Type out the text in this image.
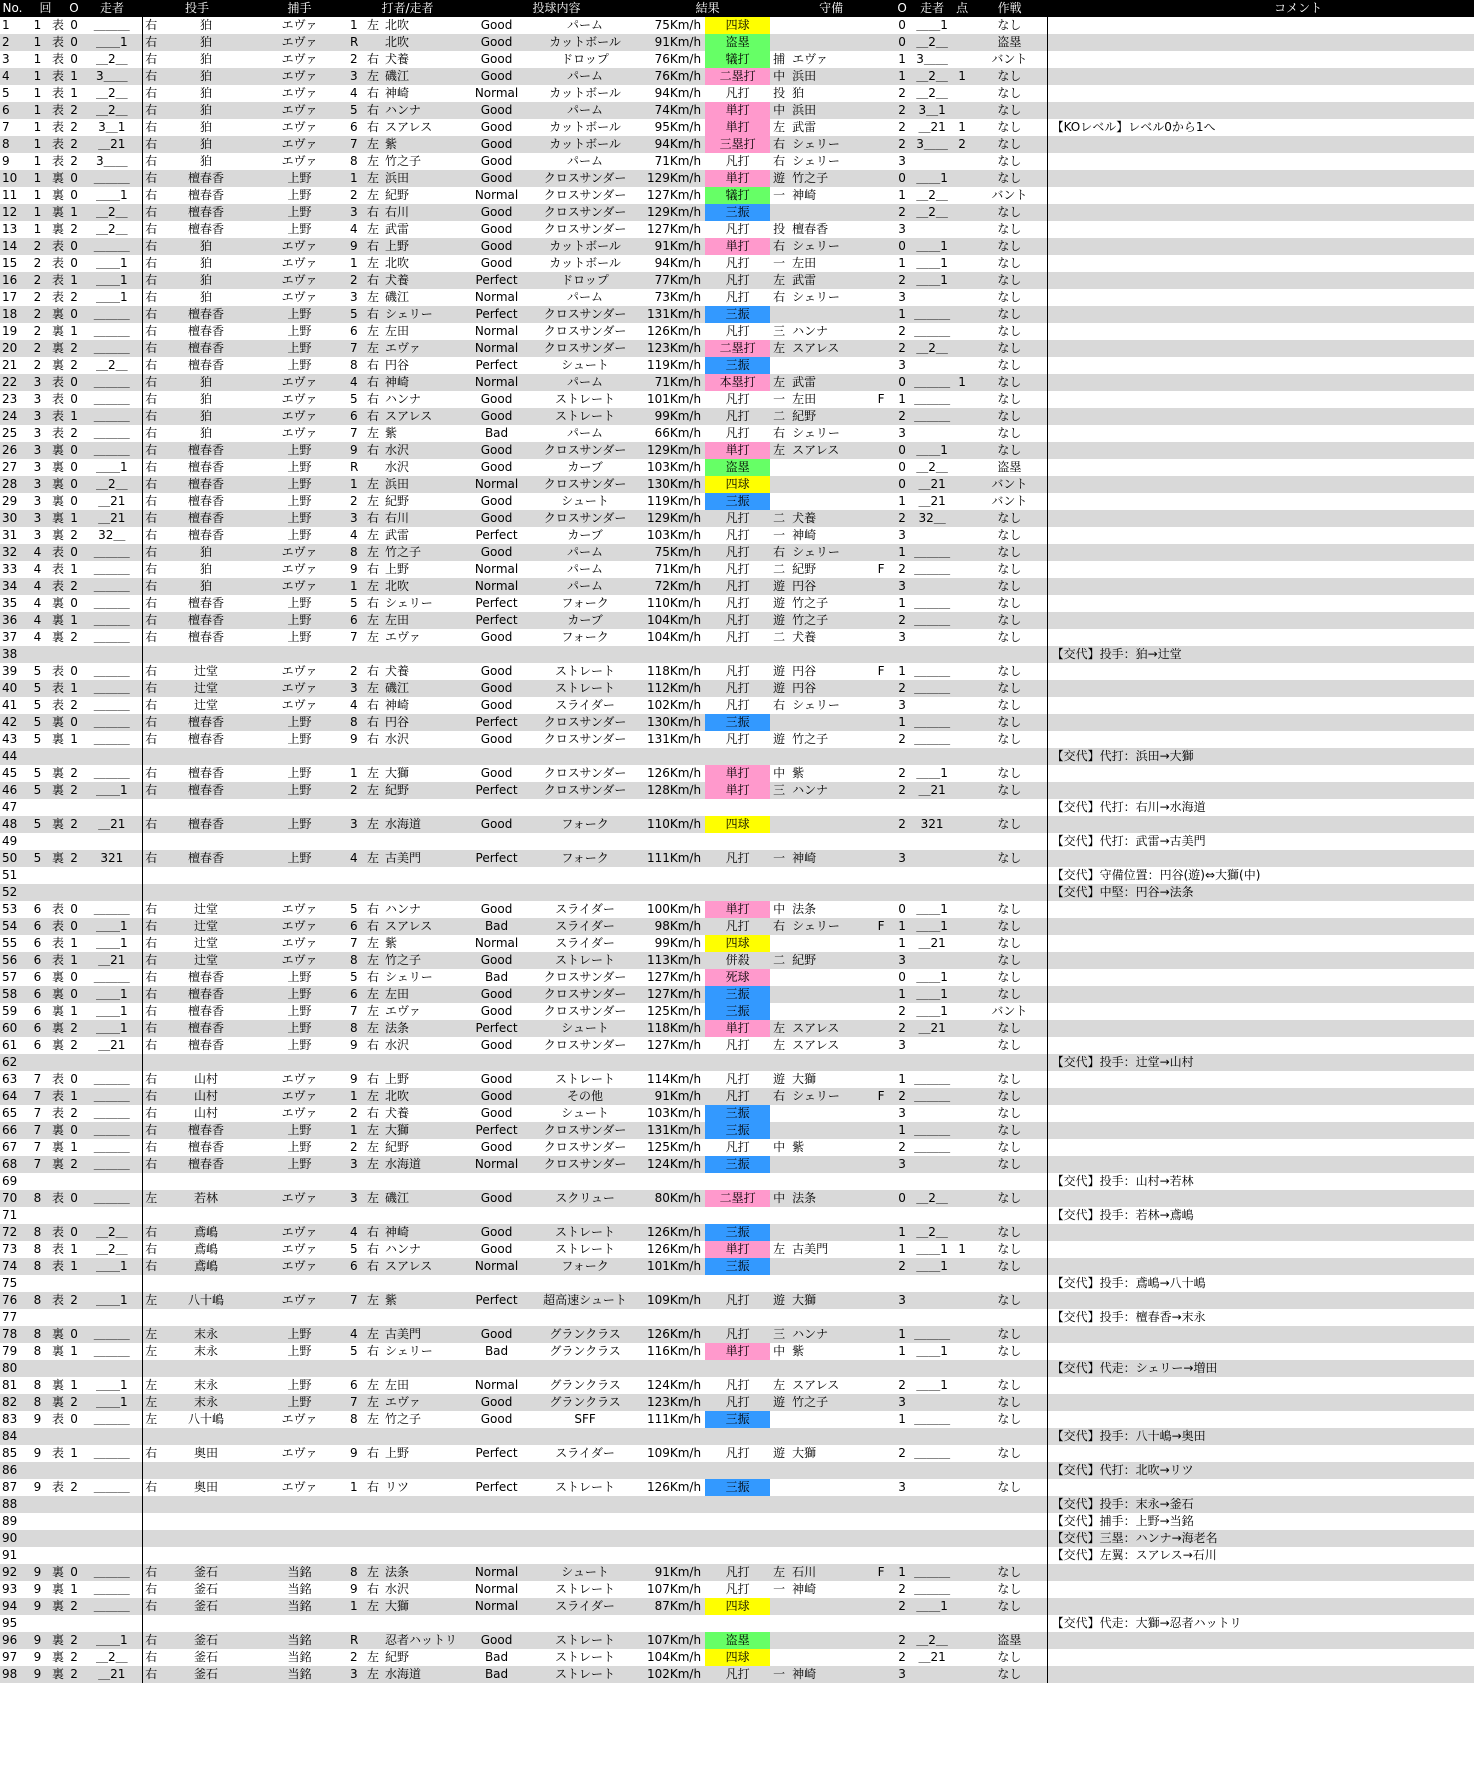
No.	回		O	走者	投手		捕手	打者/走者			投球内容		結果		守備			O	走者	点	作戦	コメント
1	1	表	0	＿＿＿	右	狛	エヴァ	1	左	北吹	Good	パーム	75Km/h	四球				0	＿＿1		なし	
2	1	表	0	＿＿1	右	狛	エヴァ	R		北吹	Good	カットボール	91Km/h	盗塁				0	＿2＿		盗塁	
3	1	表	0	＿2＿	右	狛	エヴァ	2	右	犬養	Good	ドロップ	76Km/h	犠打	捕	エヴァ		1	3＿＿		バント	
4	1	表	1	3＿＿	右	狛	エヴァ	3	左	磯江	Good	パーム	76Km/h	二塁打	中	浜田		1	＿2＿	1	なし	
5	1	表	1	＿2＿	右	狛	エヴァ	4	右	神崎	Normal	カットボール	94Km/h	凡打	投	狛		2	＿2＿		なし	
6	1	表	2	＿2＿	右	狛	エヴァ	5	右	ハンナ	Good	パーム	74Km/h	単打	中	浜田		2	3＿1		なし	
7	1	表	2	3＿1	右	狛	エヴァ	6	右	スアレス	Good	カットボール	95Km/h	単打	左	武雷		2	＿21	1	なし	【KOレベル】レベル0から1へ
8	1	表	2	＿21	右	狛	エヴァ	7	左	紫	Good	カットボール	94Km/h	三塁打	右	シェリー		2	3＿＿	2	なし	
9	1	表	2	3＿＿	右	狛	エヴァ	8	左	竹之子	Good	パーム	71Km/h	凡打	右	シェリー		3			なし	
10	1	裏	0	＿＿＿	右	檀春香	上野	1	左	浜田	Good	クロスサンダー	129Km/h	単打	遊	竹之子		0	＿＿1		なし	
11	1	裏	0	＿＿1	右	檀春香	上野	2	左	紀野	Normal	クロスサンダー	127Km/h	犠打	一	神崎		1	＿2＿		バント	
12	1	裏	1	＿2＿	右	檀春香	上野	3	右	右川	Good	クロスサンダー	129Km/h	三振				2	＿2＿		なし	
13	1	裏	2	＿2＿	右	檀春香	上野	4	左	武雷	Good	クロスサンダー	127Km/h	凡打	投	檀春香		3			なし	
14	2	表	0	＿＿＿	右	狛	エヴァ	9	右	上野	Good	カットボール	91Km/h	単打	右	シェリー		0	＿＿1		なし	
15	2	表	0	＿＿1	右	狛	エヴァ	1	左	北吹	Good	カットボール	94Km/h	凡打	一	左田		1	＿＿1		なし	
16	2	表	1	＿＿1	右	狛	エヴァ	2	右	犬養	Perfect	ドロップ	77Km/h	凡打	左	武雷		2	＿＿1		なし	
17	2	表	2	＿＿1	右	狛	エヴァ	3	左	磯江	Normal	パーム	73Km/h	凡打	右	シェリー		3			なし	
18	2	裏	0	＿＿＿	右	檀春香	上野	5	右	シェリー	Perfect	クロスサンダー	131Km/h	三振				1	＿＿＿		なし	
19	2	裏	1	＿＿＿	右	檀春香	上野	6	左	左田	Normal	クロスサンダー	126Km/h	凡打	三	ハンナ		2	＿＿＿		なし	
20	2	裏	2	＿＿＿	右	檀春香	上野	7	左	エヴァ	Normal	クロスサンダー	123Km/h	二塁打	左	スアレス		2	＿2＿		なし	
21	2	裏	2	＿2＿	右	檀春香	上野	8	右	円谷	Perfect	シュート	119Km/h	三振				3			なし	
22	3	表	0	＿＿＿	右	狛	エヴァ	4	右	神崎	Normal	パーム	71Km/h	本塁打	左	武雷		0	＿＿＿	1	なし	
23	3	表	0	＿＿＿	右	狛	エヴァ	5	右	ハンナ	Good	ストレート	101Km/h	凡打	一	左田	F	1	＿＿＿		なし	
24	3	表	1	＿＿＿	右	狛	エヴァ	6	右	スアレス	Good	ストレート	99Km/h	凡打	二	紀野		2	＿＿＿		なし	
25	3	表	2	＿＿＿	右	狛	エヴァ	7	左	紫	Bad	パーム	66Km/h	凡打	右	シェリー		3			なし	
26	3	裏	0	＿＿＿	右	檀春香	上野	9	右	水沢	Good	クロスサンダー	129Km/h	単打	左	スアレス		0	＿＿1		なし	
27	3	裏	0	＿＿1	右	檀春香	上野	R		水沢	Good	カーブ	103Km/h	盗塁				0	＿2＿		盗塁	
28	3	裏	0	＿2＿	右	檀春香	上野	1	左	浜田	Normal	クロスサンダー	130Km/h	四球				0	＿21		バント	
29	3	裏	0	＿21	右	檀春香	上野	2	左	紀野	Good	シュート	119Km/h	三振				1	＿21		バント	
30	3	裏	1	＿21	右	檀春香	上野	3	右	右川	Good	クロスサンダー	129Km/h	凡打	二	犬養		2	32＿		なし	
31	3	裏	2	32＿	右	檀春香	上野	4	左	武雷	Perfect	カーブ	103Km/h	凡打	一	神崎		3			なし	
32	4	表	0	＿＿＿	右	狛	エヴァ	8	左	竹之子	Good	パーム	75Km/h	凡打	右	シェリー		1	＿＿＿		なし	
33	4	表	1	＿＿＿	右	狛	エヴァ	9	右	上野	Normal	パーム	71Km/h	凡打	二	紀野	F	2	＿＿＿		なし	
34	4	表	2	＿＿＿	右	狛	エヴァ	1	左	北吹	Normal	パーム	72Km/h	凡打	遊	円谷		3			なし	
35	4	裏	0	＿＿＿	右	檀春香	上野	5	右	シェリー	Perfect	フォーク	110Km/h	凡打	遊	竹之子		1	＿＿＿		なし	
36	4	裏	1	＿＿＿	右	檀春香	上野	6	左	左田	Perfect	カーブ	104Km/h	凡打	遊	竹之子		2	＿＿＿		なし	
37	4	裏	2	＿＿＿	右	檀春香	上野	7	左	エヴァ	Good	フォーク	104Km/h	凡打	二	犬養		3			なし	
38																						【交代】投手：狛→辻堂
39	5	表	0	＿＿＿	右	辻堂	エヴァ	2	右	犬養	Good	ストレート	118Km/h	凡打	遊	円谷	F	1	＿＿＿		なし	
40	5	表	1	＿＿＿	右	辻堂	エヴァ	3	左	磯江	Good	ストレート	112Km/h	凡打	遊	円谷		2	＿＿＿		なし	
41	5	表	2	＿＿＿	右	辻堂	エヴァ	4	右	神崎	Good	スライダー	102Km/h	凡打	右	シェリー		3			なし	
42	5	裏	0	＿＿＿	右	檀春香	上野	8	右	円谷	Perfect	クロスサンダー	130Km/h	三振				1	＿＿＿		なし	
43	5	裏	1	＿＿＿	右	檀春香	上野	9	右	水沢	Good	クロスサンダー	131Km/h	凡打	遊	竹之子		2	＿＿＿		なし	
44																						【交代】代打：浜田→大獅
45	5	裏	2	＿＿＿	右	檀春香	上野	1	左	大獅	Good	クロスサンダー	126Km/h	単打	中	紫		2	＿＿1		なし	
46	5	裏	2	＿＿1	右	檀春香	上野	2	左	紀野	Perfect	クロスサンダー	128Km/h	単打	三	ハンナ		2	＿21		なし	
47																						【交代】代打：右川→水海道
48	5	裏	2	＿21	右	檀春香	上野	3	左	水海道	Good	フォーク	110Km/h	四球				2	321		なし	
49																						【交代】代打：武雷→古美門
50	5	裏	2	321	右	檀春香	上野	4	左	古美門	Perfect	フォーク	111Km/h	凡打	一	神崎		3			なし	
51																						【交代】守備位置：円谷(遊)⇔大獅(中)
52																						【交代】中堅：円谷→法条
53	6	表	0	＿＿＿	右	辻堂	エヴァ	5	右	ハンナ	Good	スライダー	100Km/h	単打	中	法条		0	＿＿1		なし	
54	6	表	0	＿＿1	右	辻堂	エヴァ	6	右	スアレス	Bad	スライダー	98Km/h	凡打	右	シェリー	F	1	＿＿1		なし	
55	6	表	1	＿＿1	右	辻堂	エヴァ	7	左	紫	Normal	スライダー	99Km/h	四球				1	＿21		なし	
56	6	表	1	＿21	右	辻堂	エヴァ	8	左	竹之子	Good	ストレート	113Km/h	併殺	二	紀野		3			なし	
57	6	裏	0	＿＿＿	右	檀春香	上野	5	右	シェリー	Bad	クロスサンダー	127Km/h	死球				0	＿＿1		なし	
58	6	裏	0	＿＿1	右	檀春香	上野	6	左	左田	Good	クロスサンダー	127Km/h	三振				1	＿＿1		なし	
59	6	裏	1	＿＿1	右	檀春香	上野	7	左	エヴァ	Good	クロスサンダー	125Km/h	三振				2	＿＿1		バント	
60	6	裏	2	＿＿1	右	檀春香	上野	8	左	法条	Perfect	シュート	118Km/h	単打	左	スアレス		2	＿21		なし	
61	6	裏	2	＿21	右	檀春香	上野	9	右	水沢	Good	クロスサンダー	127Km/h	凡打	左	スアレス		3			なし	
62																						【交代】投手：辻堂→山村
63	7	表	0	＿＿＿	右	山村	エヴァ	9	右	上野	Good	ストレート	114Km/h	凡打	遊	大獅		1	＿＿＿		なし	
64	7	表	1	＿＿＿	右	山村	エヴァ	1	左	北吹	Good	その他	91Km/h	凡打	右	シェリー	F	2	＿＿＿		なし	
65	7	表	2	＿＿＿	右	山村	エヴァ	2	右	犬養	Good	シュート	103Km/h	三振				3			なし	
66	7	裏	0	＿＿＿	右	檀春香	上野	1	左	大獅	Perfect	クロスサンダー	131Km/h	三振				1	＿＿＿		なし	
67	7	裏	1	＿＿＿	右	檀春香	上野	2	左	紀野	Good	クロスサンダー	125Km/h	凡打	中	紫		2	＿＿＿		なし	
68	7	裏	2	＿＿＿	右	檀春香	上野	3	左	水海道	Normal	クロスサンダー	124Km/h	三振				3			なし	
69																						【交代】投手：山村→若林
70	8	表	0	＿＿＿	左	若林	エヴァ	3	左	磯江	Good	スクリュー	80Km/h	二塁打	中	法条		0	＿2＿		なし	
71																						【交代】投手：若林→鳶嶋
72	8	表	0	＿2＿	右	鳶嶋	エヴァ	4	右	神崎	Good	ストレート	126Km/h	三振				1	＿2＿		なし	
73	8	表	1	＿2＿	右	鳶嶋	エヴァ	5	右	ハンナ	Good	ストレート	126Km/h	単打	左	古美門		1	＿＿1	1	なし	
74	8	表	1	＿＿1	右	鳶嶋	エヴァ	6	右	スアレス	Normal	フォーク	101Km/h	三振				2	＿＿1		なし	
75																						【交代】投手：鳶嶋→八十嶋
76	8	表	2	＿＿1	左	八十嶋	エヴァ	7	左	紫	Perfect	超高速シュート	109Km/h	凡打	遊	大獅		3			なし	
77																						【交代】投手：檀春香→末永
78	8	裏	0	＿＿＿	左	末永	上野	4	左	古美門	Good	グランクラス	126Km/h	凡打	三	ハンナ		1	＿＿＿		なし	
79	8	裏	1	＿＿＿	左	末永	上野	5	右	シェリー	Bad	グランクラス	116Km/h	単打	中	紫		1	＿＿1		なし	
80																						【交代】代走：シェリー→増田
81	8	裏	1	＿＿1	左	末永	上野	6	左	左田	Normal	グランクラス	124Km/h	凡打	左	スアレス		2	＿＿1		なし	
82	8	裏	2	＿＿1	左	末永	上野	7	左	エヴァ	Good	グランクラス	123Km/h	凡打	遊	竹之子		3			なし	
83	9	表	0	＿＿＿	左	八十嶋	エヴァ	8	左	竹之子	Good	SFF	111Km/h	三振				1	＿＿＿		なし	
84																						【交代】投手：八十嶋→奥田
85	9	表	1	＿＿＿	右	奥田	エヴァ	9	右	上野	Perfect	スライダー	109Km/h	凡打	遊	大獅		2	＿＿＿		なし	
86																						【交代】代打：北吹→リツ
87	9	表	2	＿＿＿	右	奥田	エヴァ	1	右	リツ	Perfect	ストレート	126Km/h	三振				3			なし	
88																						【交代】投手：末永→釜石
89																						【交代】捕手：上野→当銘
90																						【交代】三塁：ハンナ→海老名
91																						【交代】左翼：スアレス→石川
92	9	裏	0	＿＿＿	右	釜石	当銘	8	左	法条	Normal	シュート	91Km/h	凡打	左	石川	F	1	＿＿＿		なし	
93	9	裏	1	＿＿＿	右	釜石	当銘	9	右	水沢	Normal	ストレート	107Km/h	凡打	一	神崎		2	＿＿＿		なし	
94	9	裏	2	＿＿＿	右	釜石	当銘	1	左	大獅	Normal	スライダー	87Km/h	四球				2	＿＿1		なし	
95																						【交代】代走：大獅→忍者ハットリ
96	9	裏	2	＿＿1	右	釜石	当銘	R		忍者ハットリ	Good	ストレート	107Km/h	盗塁				2	＿2＿		盗塁	
97	9	裏	2	＿2＿	右	釜石	当銘	2	左	紀野	Bad	ストレート	104Km/h	四球				2	＿21		なし	
98	9	裏	2	＿21	右	釜石	当銘	3	左	水海道	Bad	ストレート	102Km/h	凡打	一	神崎		3			なし	
